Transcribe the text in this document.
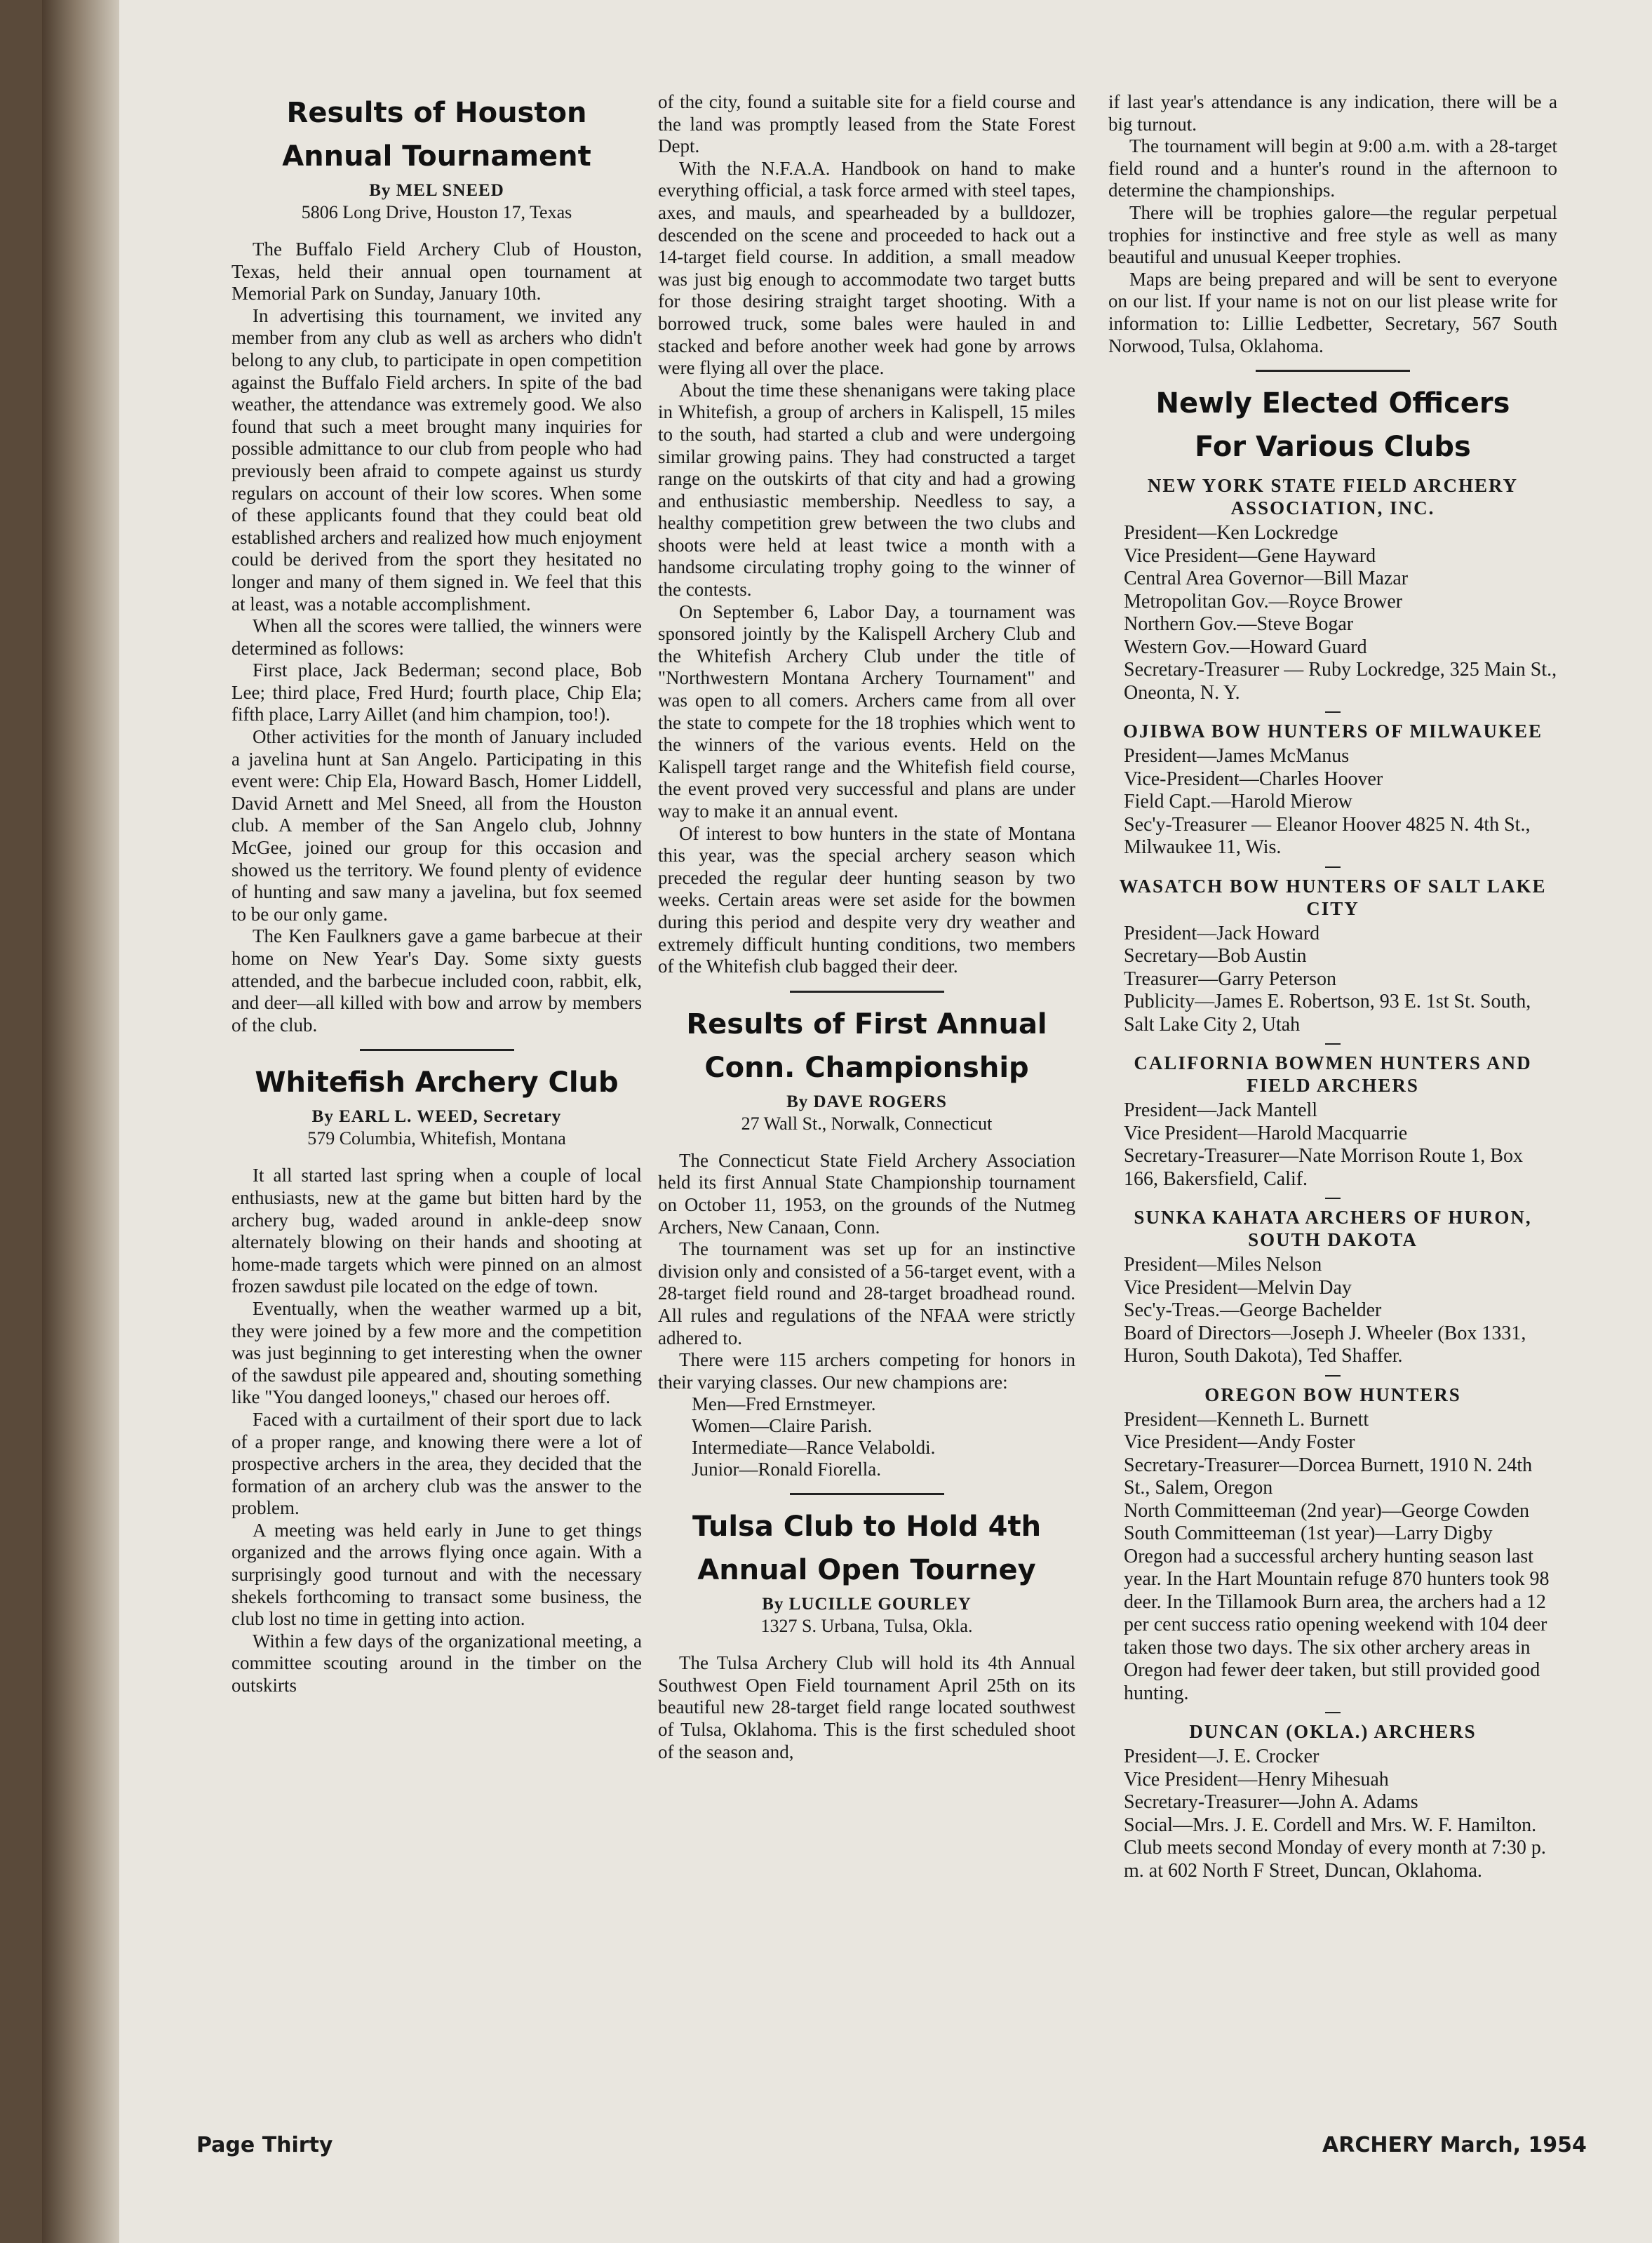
Results of Houston
Annual Tournament
By MEL SNEED
5806 Long Drive, Houston 17, Texas

The Buffalo Field Archery Club of Houston, Texas, held their annual open tournament at Memorial Park on Sunday, January 10th.

In advertising this tournament, we invited any member from any club as well as archers who didn't belong to any club, to participate in open competition against the Buffalo Field archers. In spite of the bad weather, the attendance was extremely good. We also found that such a meet brought many inquiries for possible admittance to our club from people who had previously been afraid to compete against us sturdy regulars on account of their low scores. When some of these applicants found that they could beat old established archers and realized how much enjoyment could be derived from the sport they hesitated no longer and many of them signed in. We feel that this at least, was a notable accomplishment.

When all the scores were tallied, the winners were determined as follows:

First place, Jack Bederman; second place, Bob Lee; third place, Fred Hurd; fourth place, Chip Ela; fifth place, Larry Aillet (and him champion, too!).

Other activities for the month of January included a javelina hunt at San Angelo. Participating in this event were: Chip Ela, Howard Basch, Homer Liddell, David Arnett and Mel Sneed, all from the Houston club. A member of the San Angelo club, Johnny McGee, joined our group for this occasion and showed us the territory. We found plenty of evidence of hunting and saw many a javelina, but fox seemed to be our only game.

The Ken Faulkners gave a game barbecue at their home on New Year's Day. Some sixty guests attended, and the barbecue included coon, rabbit, elk, and deer—all killed with bow and arrow by members of the club.

Whitefish Archery Club
By EARL L. WEED, Secretary
579 Columbia, Whitefish, Montana

It all started last spring when a couple of local enthusiasts, new at the game but bitten hard by the archery bug, waded around in ankle-deep snow alternately blowing on their hands and shooting at home-made targets which were pinned on an almost frozen sawdust pile located on the edge of town.

Eventually, when the weather warmed up a bit, they were joined by a few more and the competition was just beginning to get interesting when the owner of the sawdust pile appeared and, shouting something like "You danged looneys," chased our heroes off.

Faced with a curtailment of their sport due to lack of a proper range, and knowing there were a lot of prospective archers in the area, they decided that the formation of an archery club was the answer to the problem.

A meeting was held early in June to get things organized and the arrows flying once again. With a surprisingly good turnout and with the necessary shekels forthcoming to transact some business, the club lost no time in getting into action.

Within a few days of the organizational meeting, a committee scouting around in the timber on the outskirts

of the city, found a suitable site for a field course and the land was promptly leased from the State Forest Dept.

With the N.F.A.A. Handbook on hand to make everything official, a task force armed with steel tapes, axes, and mauls, and spearheaded by a bulldozer, descended on the scene and proceeded to hack out a 14-target field course. In addition, a small meadow was just big enough to accommodate two target butts for those desiring straight target shooting. With a borrowed truck, some bales were hauled in and stacked and before another week had gone by arrows were flying all over the place.

About the time these shenanigans were taking place in Whitefish, a group of archers in Kalispell, 15 miles to the south, had started a club and were undergoing similar growing pains. They had constructed a target range on the outskirts of that city and had a growing and enthusiastic membership. Needless to say, a healthy competition grew between the two clubs and shoots were held at least twice a month with a handsome circulating trophy going to the winner of the contests.

On September 6, Labor Day, a tournament was sponsored jointly by the Kalispell Archery Club and the Whitefish Archery Club under the title of "Northwestern Montana Archery Tournament" and was open to all comers. Archers came from all over the state to compete for the 18 trophies which went to the winners of the various events. Held on the Kalispell target range and the Whitefish field course, the event proved very successful and plans are under way to make it an annual event.

Of interest to bow hunters in the state of Montana this year, was the special archery season which preceded the regular deer hunting season by two weeks. Certain areas were set aside for the bowmen during this period and despite very dry weather and extremely difficult hunting conditions, two members of the Whitefish club bagged their deer.

Results of First Annual
Conn. Championship
By DAVE ROGERS
27 Wall St., Norwalk, Connecticut

The Connecticut State Field Archery Association held its first Annual State Championship tournament on October 11, 1953, on the grounds of the Nutmeg Archers, New Canaan, Conn.

The tournament was set up for an instinctive division only and consisted of a 56-target event, with a 28-target field round and 28-target broadhead round. All rules and regulations of the NFAA were strictly adhered to.

There were 115 archers competing for honors in their varying classes. Our new champions are:

Men—Fred Ernstmeyer.

Women—Claire Parish.

Intermediate—Rance Velaboldi.

Junior—Ronald Fiorella.

Tulsa Club to Hold 4th
Annual Open Tourney
By LUCILLE GOURLEY
1327 S. Urbana, Tulsa, Okla.

The Tulsa Archery Club will hold its 4th Annual Southwest Open Field tournament April 25th on its beautiful new 28-target field range located southwest of Tulsa, Oklahoma. This is the first scheduled shoot of the season and,

if last year's attendance is any indication, there will be a big turnout.

The tournament will begin at 9:00 a.m. with a 28-target field round and a hunter's round in the afternoon to determine the championships.

There will be trophies galore—the regular perpetual trophies for instinctive and free style as well as many beautiful and unusual Keeper trophies.

Maps are being prepared and will be sent to everyone on our list. If your name is not on our list please write for information to: Lillie Ledbetter, Secretary, 567 South Norwood, Tulsa, Oklahoma.

Newly Elected Officers
For Various Clubs
NEW YORK STATE FIELD ARCHERY ASSOCIATION, INC.

President—Ken Lockredge

Vice President—Gene Hayward

Central Area Governor—Bill Mazar

Metropolitan Gov.—Royce Brower

Northern Gov.—Steve Bogar

Western Gov.—Howard Guard

Secretary-Treasurer — Ruby Lockredge, 325 Main St., Oneonta, N. Y.

OJIBWA BOW HUNTERS OF MILWAUKEE

President—James McManus

Vice-President—Charles Hoover

Field Capt.—Harold Mierow

Sec'y-Treasurer — Eleanor Hoover 4825 N. 4th St., Milwaukee 11, Wis.

WASATCH BOW HUNTERS OF SALT LAKE CITY

President—Jack Howard

Secretary—Bob Austin

Treasurer—Garry Peterson

Publicity—James E. Robertson, 93 E. 1st St. South, Salt Lake City 2, Utah

CALIFORNIA BOWMEN HUNTERS AND FIELD ARCHERS

President—Jack Mantell

Vice President—Harold Macquarrie

Secretary-Treasurer—Nate Morrison Route 1, Box 166, Bakersfield, Calif.

SUNKA KAHATA ARCHERS OF HURON, SOUTH DAKOTA

President—Miles Nelson

Vice President—Melvin Day

Sec'y-Treas.—George Bachelder

Board of Directors—Joseph J. Wheeler (Box 1331, Huron, South Dakota), Ted Shaffer.

OREGON BOW HUNTERS

President—Kenneth L. Burnett

Vice President—Andy Foster

Secretary-Treasurer—Dorcea Burnett, 1910 N. 24th St., Salem, Oregon

North Committeeman (2nd year)—George Cowden

South Committeeman (1st year)—Larry Digby

Oregon had a successful archery hunting season last year. In the Hart Mountain refuge 870 hunters took 98 deer. In the Tillamook Burn area, the archers had a 12 per cent success ratio opening weekend with 104 deer taken those two days. The six other archery areas in Oregon had fewer deer taken, but still provided good hunting.

DUNCAN (OKLA.) ARCHERS

President—J. E. Crocker

Vice President—Henry Mihesuah

Secretary-Treasurer—John A. Adams

Social—Mrs. J. E. Cordell and Mrs. W. F. Hamilton.

Club meets second Monday of every month at 7:30 p. m. at 602 North F Street, Duncan, Oklahoma.

Page Thirty	ARCHERY March, 1954
